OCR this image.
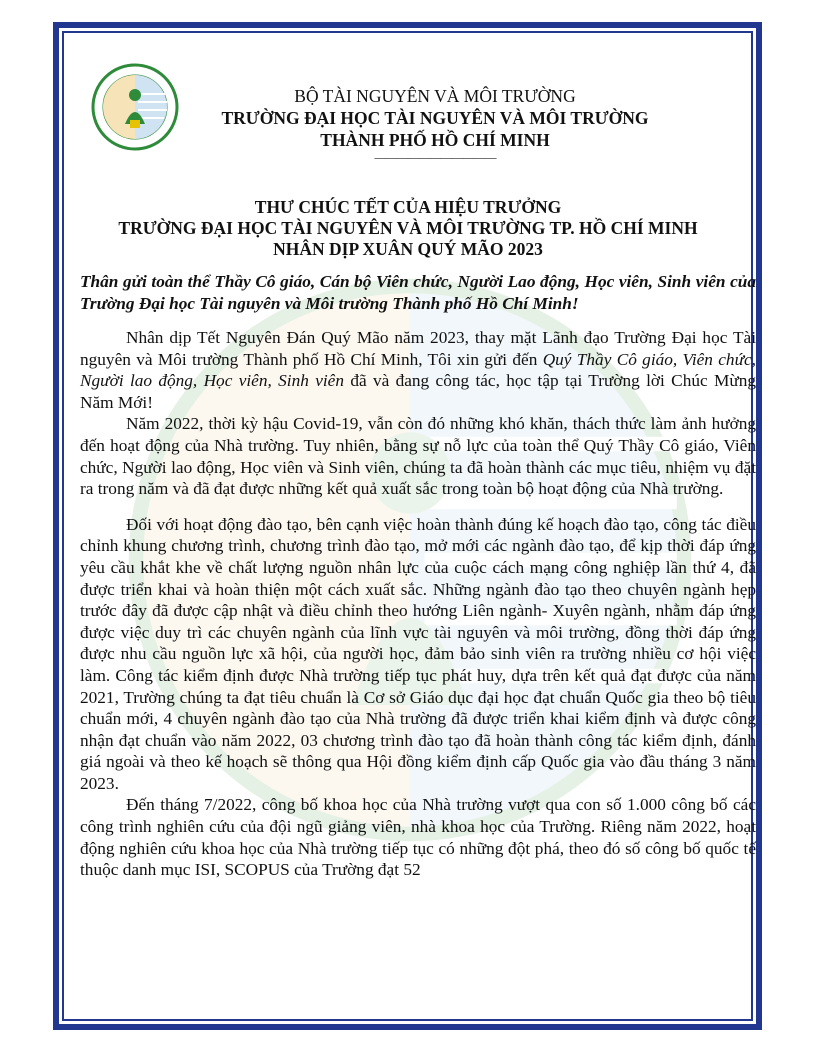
BỘ TÀI NGUYÊN VÀ MÔI TRƯỜNG
TRƯỜNG ĐẠI HỌC TÀI NGUYÊN VÀ MÔI TRƯỜNG
THÀNH PHỐ HỒ CHÍ MINH
———————————
THƯ CHÚC TẾT CỦA HIỆU TRƯỞNG
TRƯỜNG ĐẠI HỌC TÀI NGUYÊN VÀ MÔI TRƯỜNG TP. HỒ CHÍ MINH
NHÂN DỊP XUÂN QUÝ MÃO 2023
Thân gửi toàn thể Thầy Cô giáo, Cán bộ Viên chức, Người Lao động, Học viên, Sinh viên của Trường Đại học Tài nguyên và Môi trường Thành phố Hồ Chí Minh!

Nhân dịp Tết Nguyên Đán Quý Mão năm 2023, thay mặt Lãnh đạo Trường Đại học Tài nguyên và Môi trường Thành phố Hồ Chí Minh, Tôi xin gửi đến Quý Thầy Cô giáo, Viên chức, Người lao động, Học viên, Sinh viên đã và đang công tác, học tập tại Trường lời Chúc Mừng Năm Mới!

Năm 2022, thời kỳ hậu Covid-19, vẫn còn đó những khó khăn, thách thức làm ảnh hưởng đến hoạt động của Nhà trường. Tuy nhiên, bằng sự nỗ lực của toàn thể Quý Thầy Cô giáo, Viên chức, Người lao động, Học viên và Sinh viên, chúng ta đã hoàn thành các mục tiêu, nhiệm vụ đặt ra trong năm và đã đạt được những kết quả xuất sắc trong toàn bộ hoạt động của Nhà trường.

Đối với hoạt động đào tạo, bên cạnh việc hoàn thành đúng kế hoạch đào tạo, công tác điều chỉnh khung chương trình, chương trình đào tạo, mở mới các ngành đào tạo, để kịp thời đáp ứng yêu cầu khắt khe về chất lượng nguồn nhân lực của cuộc cách mạng công nghiệp lần thứ 4, đã được triển khai và hoàn thiện một cách xuất sắc. Những ngành đào tạo theo chuyên ngành hẹp trước đây đã được cập nhật và điều chỉnh theo hướng Liên ngành- Xuyên ngành, nhằm đáp ứng được việc duy trì các chuyên ngành của lĩnh vực tài nguyên và môi trường, đồng thời đáp ứng được nhu cầu nguồn lực xã hội, của người học, đảm bảo sinh viên ra trường nhiều cơ hội việc làm. Công tác kiểm định được Nhà trường tiếp tục phát huy, dựa trên kết quả đạt được của năm 2021, Trường chúng ta đạt tiêu chuẩn là Cơ sở Giáo dục đại học đạt chuẩn Quốc gia theo bộ tiêu chuẩn mới, 4 chuyên ngành đào tạo của Nhà trường đã được triển khai kiểm định và được công nhận đạt chuẩn vào năm 2022, 03 chương trình đào tạo đã hoàn thành công tác kiểm định, đánh giá ngoài và theo kế hoạch sẽ thông qua Hội đồng kiểm định cấp Quốc gia vào đầu tháng 3 năm 2023.

Đến tháng 7/2022, công bố khoa học của Nhà trường vượt qua con số 1.000 công bố các công trình nghiên cứu của đội ngũ giảng viên, nhà khoa học của Trường. Riêng năm 2022, hoạt động nghiên cứu khoa học của Nhà trường tiếp tục có những đột phá, theo đó số công bố quốc tế thuộc danh mục ISI, SCOPUS của Trường đạt 52
